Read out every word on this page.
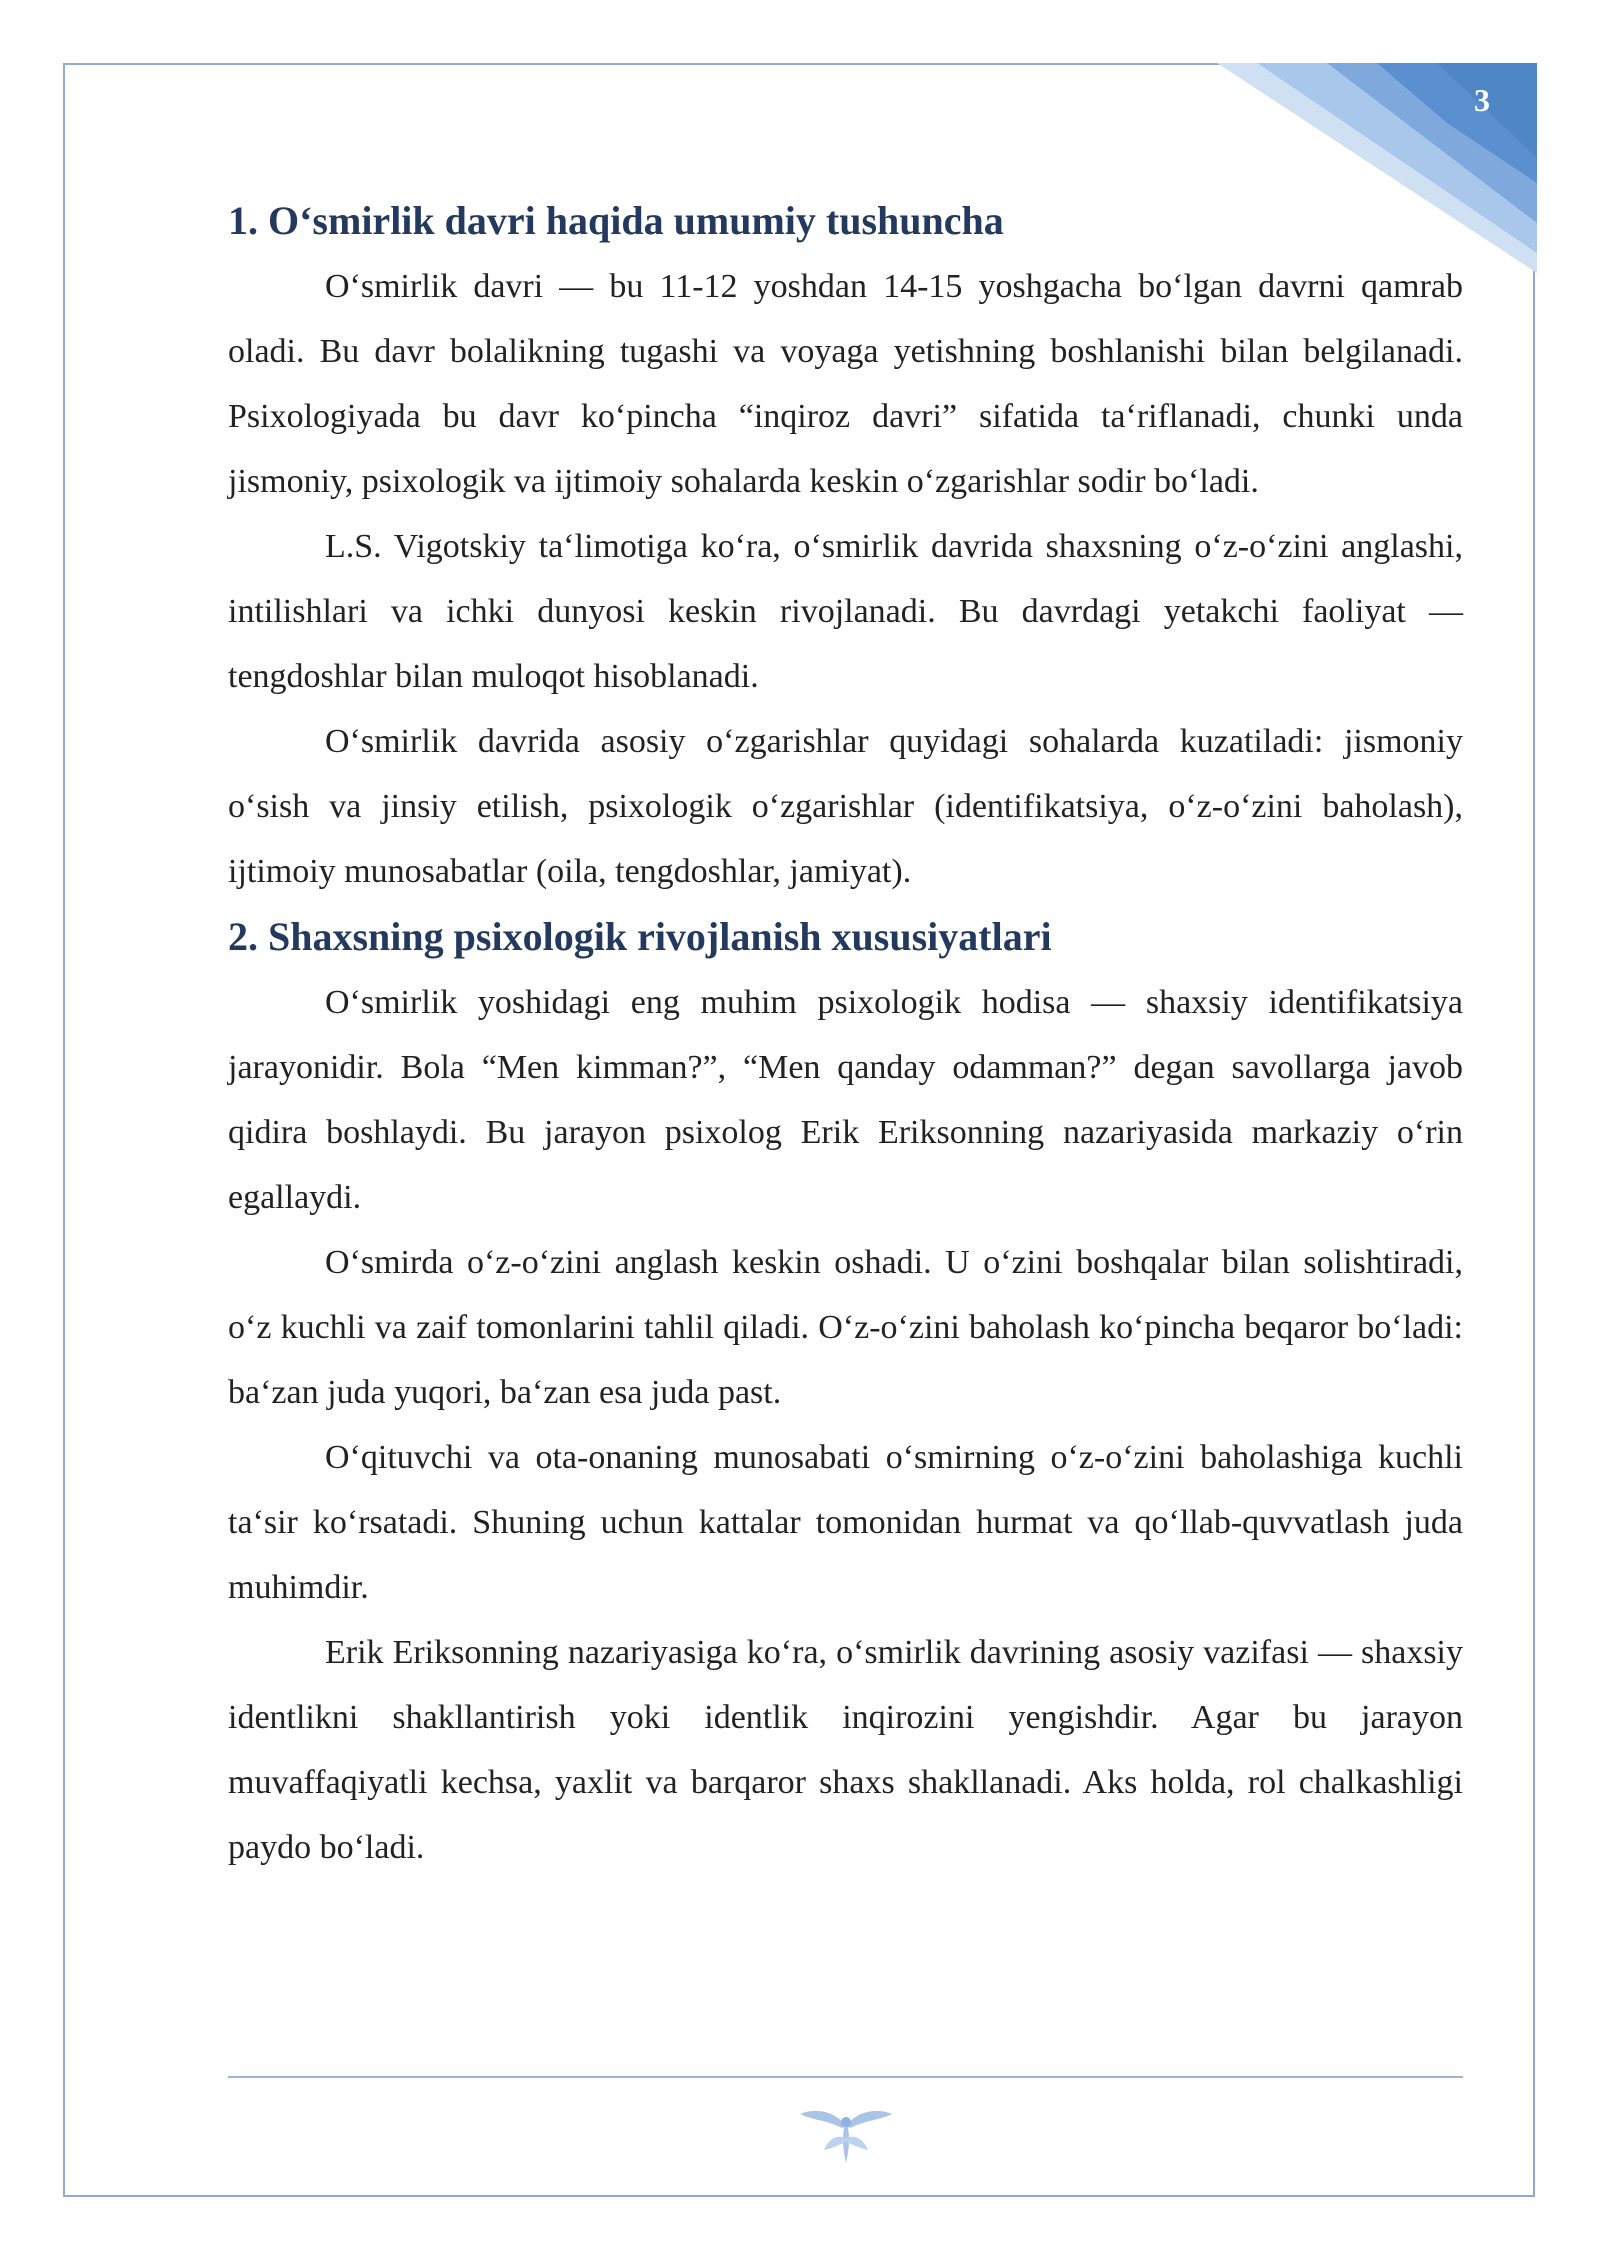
3
1. Oʻsmirlik davri haqida umumiy tushuncha

Oʻsmirlik davri — bu 11-12 yoshdan 14-15 yoshgacha boʻlgan davrni qamrab oladi. Bu davr bolalikning tugashi va voyaga yetishning boshlanishi bilan belgilanadi. Psixologiyada bu davr koʻpincha “inqiroz davri” sifatida taʻriflanadi, chunki unda jismoniy, psixologik va ijtimoiy sohalarda keskin oʻzgarishlar sodir boʻladi.

L.S. Vigotskiy taʻlimotiga koʻra, oʻsmirlik davrida shaxsning oʻz-oʻzini anglashi, intilishlari va ichki dunyosi keskin rivojlanadi. Bu davrdagi yetakchi faoliyat — tengdoshlar bilan muloqot hisoblanadi.

Oʻsmirlik davrida asosiy oʻzgarishlar quyidagi sohalarda kuzatiladi: jismoniy oʻsish va jinsiy etilish, psixologik oʻzgarishlar (identifikatsiya, oʻz-oʻzini baholash), ijtimoiy munosabatlar (oila, tengdoshlar, jamiyat).

2. Shaxsning psixologik rivojlanish xususiyatlari

Oʻsmirlik yoshidagi eng muhim psixologik hodisa — shaxsiy identifikatsiya jarayonidir. Bola “Men kimman?”, “Men qanday odamman?” degan savollarga javob qidira boshlaydi. Bu jarayon psixolog Erik Eriksonning nazariyasida markaziy oʻrin egallaydi.

Oʻsmirda oʻz-oʻzini anglash keskin oshadi. U oʻzini boshqalar bilan solishtiradi, oʻz kuchli va zaif tomonlarini tahlil qiladi. Oʻz-oʻzini baholash koʻpincha beqaror boʻladi: baʻzan juda yuqori, baʻzan esa juda past.

Oʻqituvchi va ota-onaning munosabati oʻsmirning oʻz-oʻzini baholashiga kuchli taʻsir koʻrsatadi. Shuning uchun kattalar tomonidan hurmat va qoʻllab-quvvatlash juda muhimdir.

Erik Eriksonning nazariyasiga koʻra, oʻsmirlik davrining asosiy vazifasi — shaxsiy identlikni shakllantirish yoki identlik inqirozini yengishdir. Agar bu jarayon muvaffaqiyatli kechsa, yaxlit va barqaror shaxs shakllanadi. Aks holda, rol chalkashligi paydo boʻladi.
